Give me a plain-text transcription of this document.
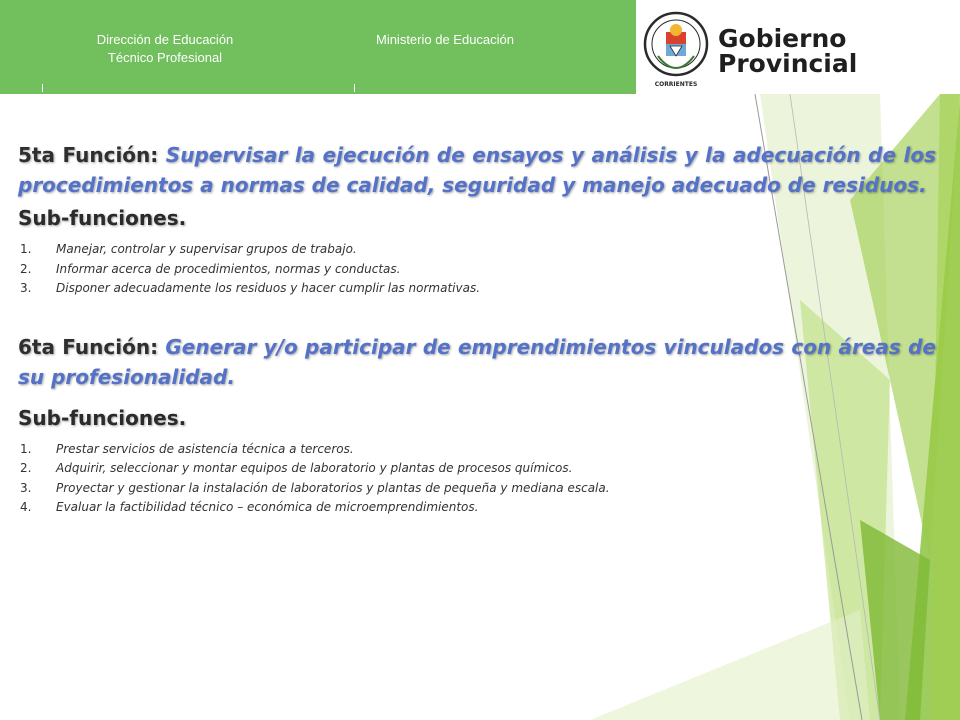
Dirección de Educación
Técnico Profesional
Ministerio de Educación
CORRIENTES
Gobierno
Provincial

5ta Función: Supervisar la ejecución de ensayos y análisis y la adecuación de los procedimientos a normas de calidad, seguridad y manejo adecuado de residuos.

Sub-funciones.

1. Manejar, controlar y supervisar grupos de trabajo.
2. Informar acerca de procedimientos, normas y conductas.
3. Disponer adecuadamente los residuos y hacer cumplir las normativas.

6ta Función: Generar y/o participar de emprendimientos vinculados con áreas de su profesionalidad.

Sub-funciones.

1. Prestar servicios de asistencia técnica a terceros.
2. Adquirir, seleccionar y montar equipos de laboratorio y plantas de procesos químicos.
3. Proyectar y gestionar la instalación de laboratorios y plantas de pequeña y mediana escala.
4. Evaluar la factibilidad técnico – económica de microemprendimientos.
